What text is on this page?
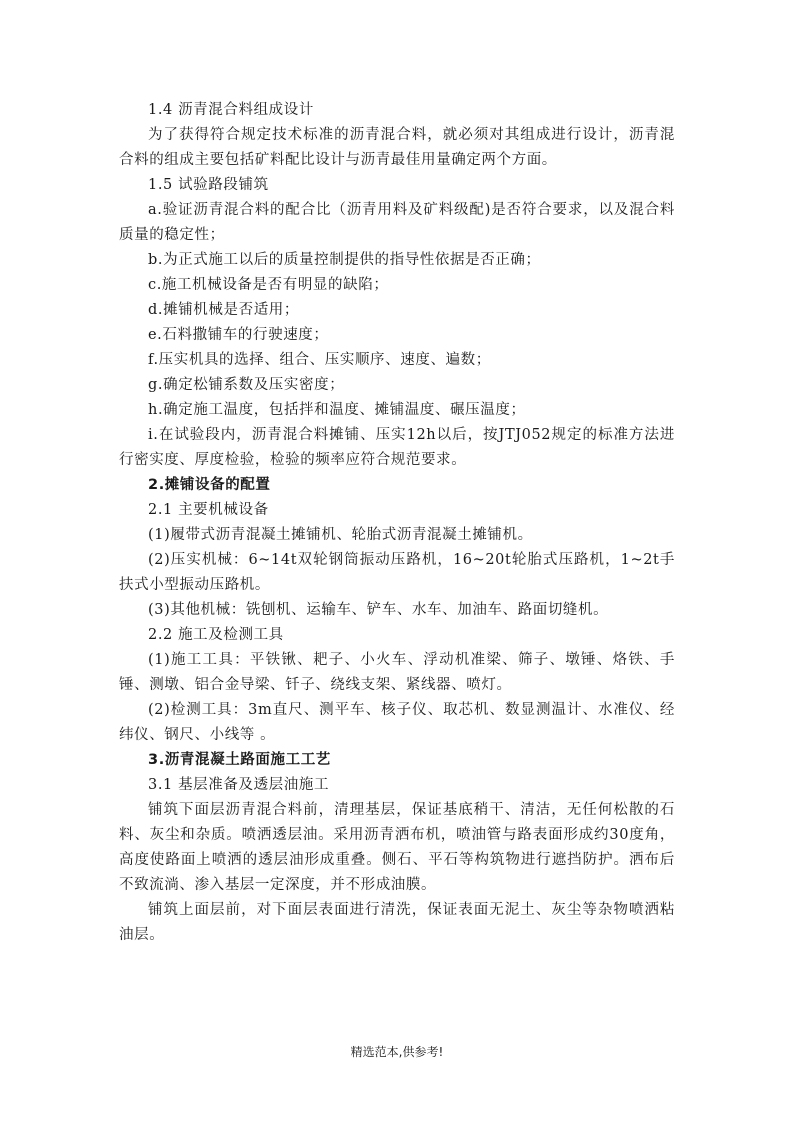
1.4 沥青混合料组成设计

为了获得符合规定技术标准的沥青混合料，就必须对其组成进行设计，沥青混合料的组成主要包括矿料配比设计与沥青最佳用量确定两个方面。

1.5 试验路段铺筑

a.验证沥青混合料的配合比（沥青用料及矿料级配)是否符合要求，以及混合料质量的稳定性；

b.为正式施工以后的质量控制提供的指导性依据是否正确；

c.施工机械设备是否有明显的缺陷；

d.摊铺机械是否适用；

e.石料撒铺车的行驶速度；

f.压实机具的选择、组合、压实顺序、速度、遍数；

g.确定松铺系数及压实密度；

h.确定施工温度，包括拌和温度、摊铺温度、碾压温度；

i.在试验段内，沥青混合料摊铺、压实12h以后，按JTJ052规定的标准方法进行密实度、厚度检验，检验的频率应符合规范要求。

2.摊铺设备的配置

2.1 主要机械设备

(1)履带式沥青混凝土摊铺机、轮胎式沥青混凝土摊铺机。

(2)压实机械：6~14t双轮钢筒振动压路机，16~20t轮胎式压路机，1~2t手扶式小型振动压路机。

(3)其他机械：铣刨机、运输车、铲车、水车、加油车、路面切缝机。

2.2 施工及检测工具

(1)施工工具：平铁锹、耙子、小火车、浮动机准梁、筛子、墩锤、烙铁、手锤、测墩、铝合金导梁、钎子、绕线支架、紧线器、喷灯。

(2)检测工具：3m直尺、测平车、核子仪、取芯机、数显测温计、水准仪、经纬仪、钢尺、小线等 。

3.沥青混凝土路面施工工艺

3.1 基层准备及透层油施工

铺筑下面层沥青混合料前，清理基层，保证基底稍干、清洁，无任何松散的石料、灰尘和杂质。喷洒透层油。采用沥青洒布机，喷油管与路表面形成约30度角，高度使路面上喷洒的透层油形成重叠。侧石、平石等构筑物进行遮挡防护。洒布后不致流淌、渗入基层一定深度，并不形成油膜。

铺筑上面层前，对下面层表面进行清洗，保证表面无泥土、灰尘等杂物喷洒粘油层。

精选范本,供参考!
